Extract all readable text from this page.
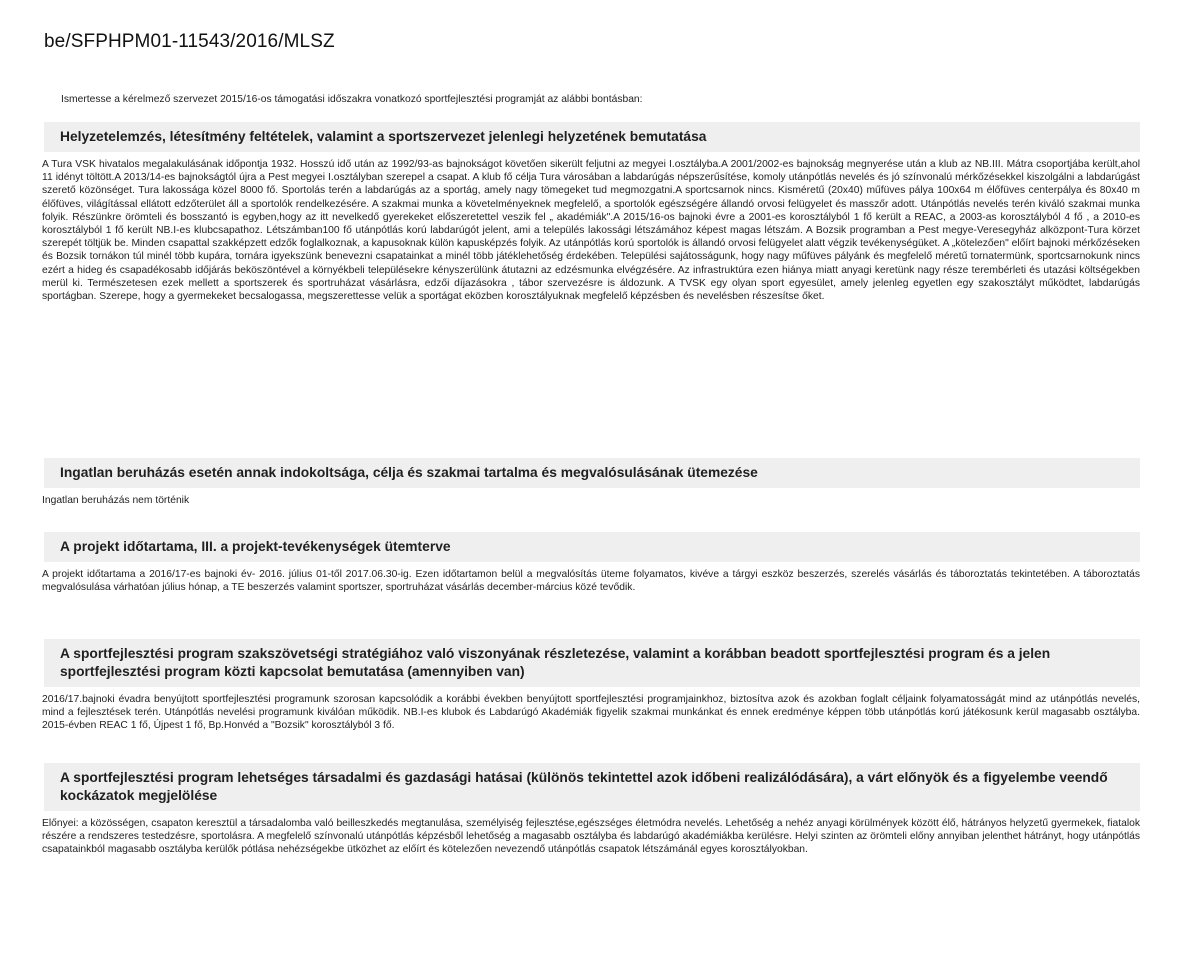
be/SFPHPM01-11543/2016/MLSZ
Ismertesse a kérelmező szervezet 2015/16-os támogatási időszakra vonatkozó sportfejlesztési programját az alábbi bontásban:
Helyzetelemzés, létesítmény feltételek, valamint a sportszervezet jelenlegi helyzetének bemutatása
A Tura VSK hivatalos megalakulásának időpontja 1932. Hosszú idő után az 1992/93-as bajnokságot követően sikerült feljutni az megyei I.osztályba.A 2001/2002-es bajnokság megnyerése után a klub az NB.III. Mátra csoportjába került,ahol 11 idényt töltött.A 2013/14-es bajnokságtól újra a Pest megyei I.osztályban szerepel a csapat. A klub fő célja Tura városában a labdarúgás népszerűsítése, komoly utánpótlás nevelés és jó színvonalú mérkőzésekkel kiszolgálni a labdarúgást szerető közönséget. Tura lakossága közel 8000 fő. Sportolás terén a labdarúgás az a sportág, amely nagy tömegeket tud megmozgatni.A sportcsarnok nincs. Kisméretű (20x40) műfüves pálya 100x64 m élőfüves centerpálya és 80x40 m élőfüves, világítással ellátott edzőterület áll a sportolók rendelkezésére. A szakmai munka a követelményeknek megfelelő, a sportolók egészségére állandó orvosi felügyelet és masszőr adott. Utánpótlás nevelés terén kiváló szakmai munka folyik. Részünkre örömteli és bosszantó is egyben,hogy az itt nevelkedő gyerekeket előszeretettel veszik fel „ akadémiák".A 2015/16-os bajnoki évre a 2001-es korosztályból 1 fő került a REAC, a 2003-as korosztályból 4 fő , a 2010-es korosztályból 1 fő került NB.I-es klubcsapathoz. Létszámban100 fő utánpótlás korú labdarúgót jelent, ami a település lakossági létszámához képest magas létszám. A Bozsik programban a Pest megye-Veresegyház alközpont-Tura körzet szerepét töltjük be. Minden csapattal szakképzett edzők foglalkoznak, a kapusoknak külön kapusképzés folyik. Az utánpótlás korú sportolók is állandó orvosi felügyelet alatt végzik tevékenységüket. A „kötelezően" előírt bajnoki mérkőzéseken és Bozsik tornákon túl minél több kupára, tornára igyekszünk benevezni csapatainkat a minél több játéklehetőség érdekében. Települési sajátosságunk, hogy nagy műfüves pályánk és megfelelő méretű tornatermünk, sportcsarnokunk nincs ezért a hideg és csapadékosabb időjárás beköszöntével a környékbeli településekre kényszerülünk átutazni az edzésmunka elvégzésére. Az infrastruktúra ezen hiánya miatt anyagi keretünk nagy része terembérleti és utazási költségekben merül ki. Természetesen ezek mellett a sportszerek és sportruházat vásárlásra, edzői díjazásokra , tábor szervezésre is áldozunk. A TVSK egy olyan sport egyesület, amely jelenleg egyetlen egy szakosztályt működtet, labdarúgás sportágban. Szerepe, hogy a gyermekeket becsalogassa, megszerettesse velük a sportágat eközben korosztályuknak megfelelő képzésben és nevelésben részesítse őket.
Ingatlan beruházás esetén annak indokoltsága, célja és szakmai tartalma és megvalósulásának ütemezése
Ingatlan beruházás nem történik
A projekt időtartama, III. a projekt-tevékenységek ütemterve
A projekt időtartama a 2016/17-es bajnoki év- 2016. július 01-től 2017.06.30-ig. Ezen időtartamon belül a megvalósítás üteme folyamatos, kivéve a tárgyi eszköz beszerzés, szerelés vásárlás és táboroztatás tekintetében. A táboroztatás megvalósulása várhatóan július hónap, a TE beszerzés valamint sportszer, sportruházat vásárlás december-március közé tevődik.
A sportfejlesztési program szakszövetségi stratégiához való viszonyának részletezése, valamint a korábban beadott sportfejlesztési program és a jelen sportfejlesztési program közti kapcsolat bemutatása (amennyiben van)
2016/17.bajnoki évadra benyújtott sportfejlesztési programunk szorosan kapcsolódik a korábbi években benyújtott sportfejlesztési programjainkhoz, biztosítva azok és azokban foglalt céljaink folyamatosságát mind az utánpótlás nevelés, mind a fejlesztések terén. Utánpótlás nevelési programunk kiválóan működik. NB.I-es klubok és Labdarúgó Akadémiák figyelik szakmai munkánkat és ennek eredménye képpen több utánpótlás korú játékosunk kerül magasabb osztályba. 2015-évben REAC 1 fő, Újpest 1 fő, Bp.Honvéd a "Bozsik" korosztályból 3 fő.
A sportfejlesztési program lehetséges társadalmi és gazdasági hatásai (különös tekintettel azok időbeni realizálódására), a várt előnyök és a figyelembe veendő kockázatok megjelölése
Előnyei: a közösségen, csapaton keresztül a társadalomba való beilleszkedés megtanulása, személyiség fejlesztése,egészséges életmódra nevelés. Lehetőség a nehéz anyagi körülmények között élő, hátrányos helyzetű gyermekek, fiatalok részére a rendszeres testedzésre, sportolásra. A megfelelő színvonalú utánpótlás képzésből lehetőség a magasabb osztályba és labdarúgó akadémiákba kerülésre. Helyi szinten az örömteli előny annyiban jelenthet hátrányt, hogy utánpótlás csapatainkból magasabb osztályba kerülők pótlása nehézségekbe ütközhet az előírt és kötelezően nevezendő utánpótlás csapatok létszámánál egyes korosztályokban.
